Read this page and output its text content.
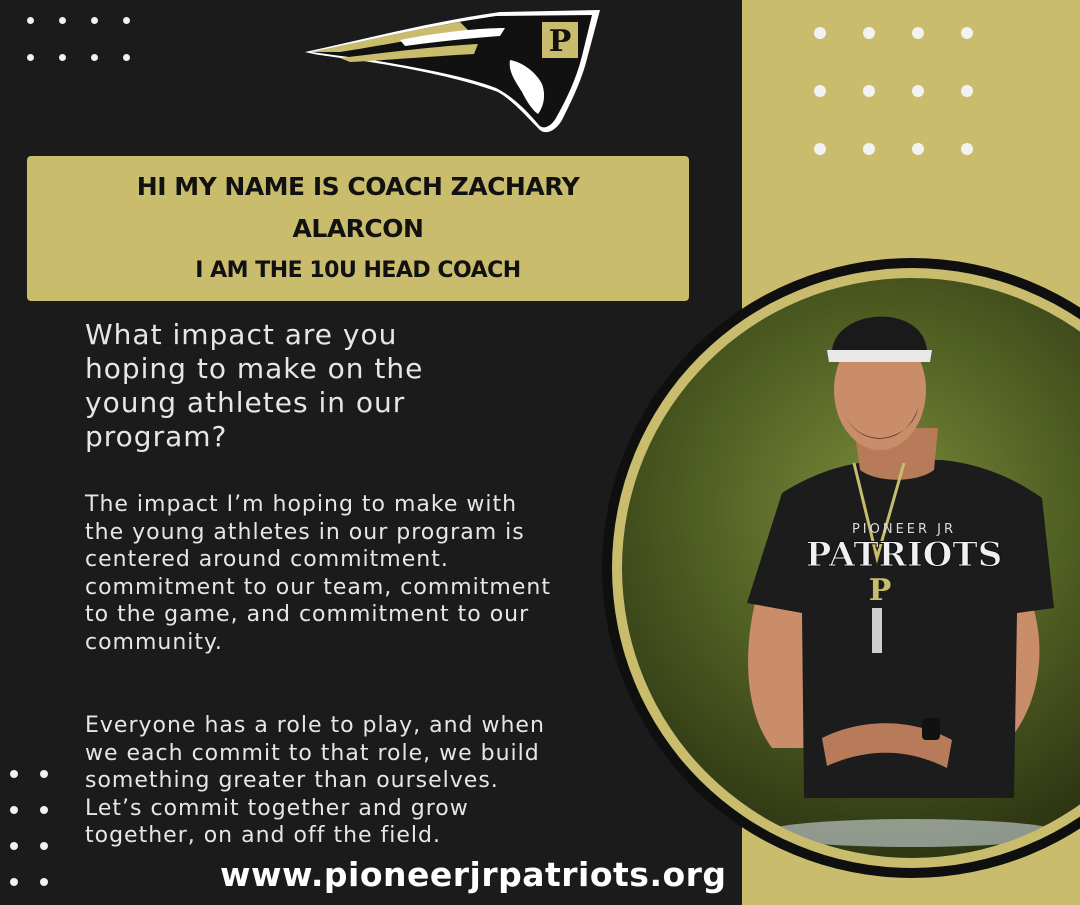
P
HI MY NAME IS COACH ZACHARY
ALARCON
I AM THE 10U HEAD COACH
What impact are you hoping to make on the young athletes in our program?

The impact I’m hoping to make with the young athletes in our program is centered around commitment. commitment to our team, commitment to the game, and commitment to our community.

Everyone has a role to play, and when we each commit to that role, we build something greater than ourselves. Let’s commit together and grow together, on and off the field.

PIONEER JR
PATRIOTS
P
www.pioneerjrpatriots.org
